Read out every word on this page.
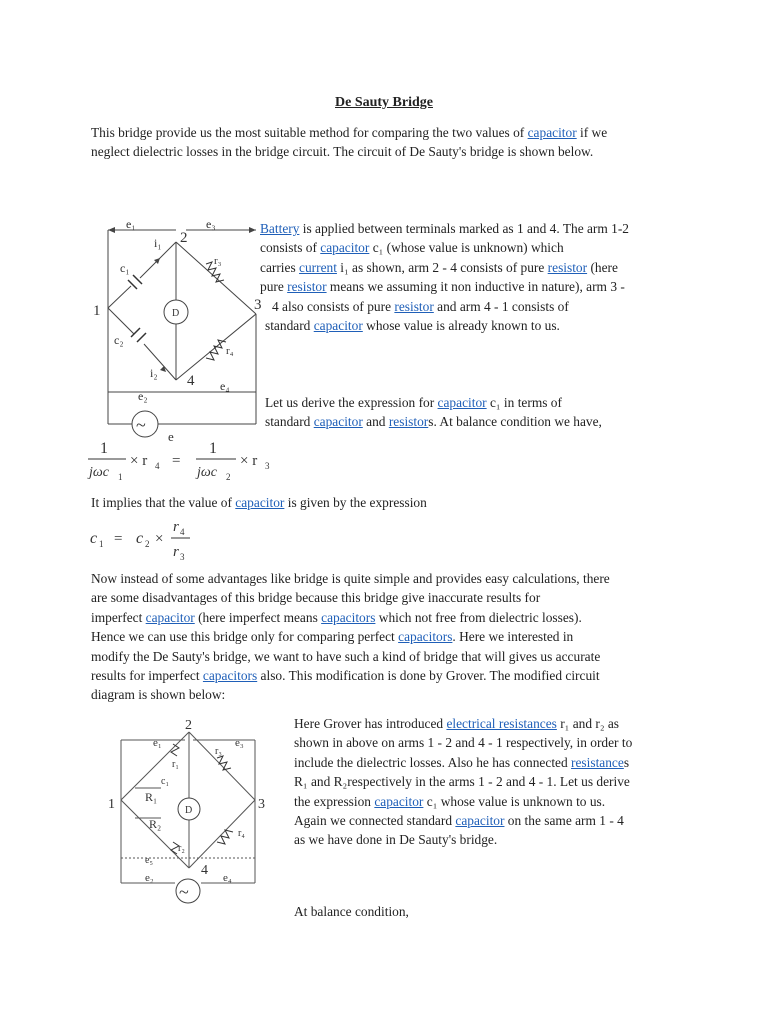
De Sauty Bridge
This bridge provide us the most suitable method for comparing the two values of capacitor if we
neglect dielectric losses in the bridge circuit. The circuit of De Sauty's bridge is shown below.
D
~
e₁	e₃
i₁ 2
c₁	r₃
1	3
c₂
r₄
i₂ 4
e₂
e₄
e
Battery is applied between terminals marked as 1 and 4. The arm 1-2
consists of capacitor c₁ (whose value is unknown) which
carries current i₁ as shown, arm 2 - 4 consists of pure resistor (here
pure resistor means we assuming it non inductive in nature), arm 3 -
4 also consists of pure resistor and arm 4 - 1 consists of
standard capacitor whose value is already known to us.
Let us derive the expression for capacitor c₁ in terms of
standard capacitor and resistors. At balance condition we have,
1
jωc 1
× r 4 =
1
jωc 2
× r 3
It implies that the value of capacitor is given by the expression
c 1 = c 2 ×
r 4
r 3
Now instead of some advantages like bridge is quite simple and provides easy calculations, there
are some disadvantages of this bridge because this bridge give inaccurate results for
imperfect capacitor (here imperfect means capacitors which not free from dielectric losses).
Hence we can use this bridge only for comparing perfect capacitors. Here we interested in
modify the De Sauty's bridge, we want to have such a kind of bridge that will gives us accurate
results for imperfect capacitors also. This modification is done by Grover. The modified circuit
diagram is shown below:
D
~
2
e₁
r₁
r₃
e₃
c₁
1	R₁	3
R₂
r₄
r₂
e₅
4
e₂	e₄
Here Grover has introduced electrical resistances r₁ and r₂ as
shown in above on arms 1 - 2 and 4 - 1 respectively, in order to
include the dielectric losses. Also he has connected resistances
R₁ and R₂respectively in the arms 1 - 2 and 4 - 1. Let us derive
the expression capacitor c₁ whose value is unknown to us.
Again we connected standard capacitor on the same arm 1 - 4
as we have done in De Sauty's bridge.
At balance condition,
